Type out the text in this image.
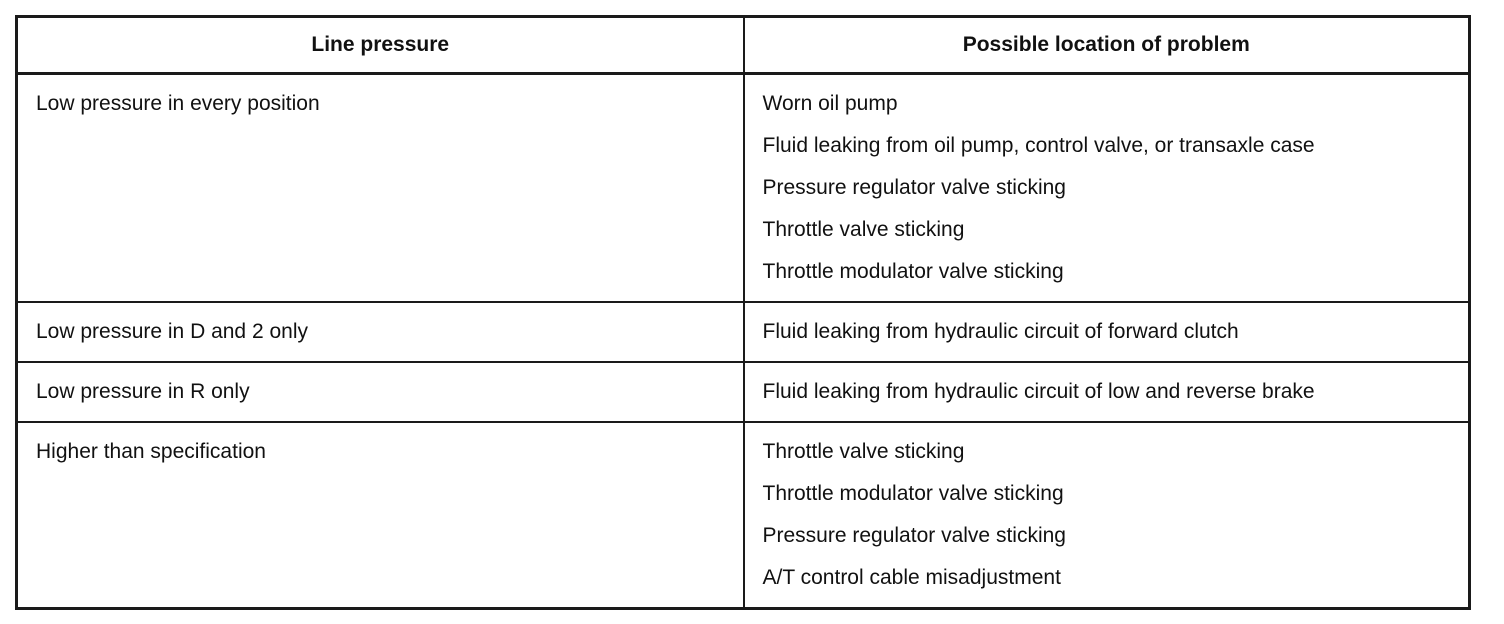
Line pressure	Possible location of problem

Low pressure in every position	Worn oil pump
Fluid leaking from oil pump, control valve, or transaxle case
Pressure regulator valve sticking
Throttle valve sticking
Throttle modulator valve sticking

Low pressure in D and 2 only	Fluid leaking from hydraulic circuit of forward clutch

Low pressure in R only	Fluid leaking from hydraulic circuit of low and reverse brake

Higher than specification	Throttle valve sticking
Throttle modulator valve sticking
Pressure regulator valve sticking
A/T control cable misadjustment
